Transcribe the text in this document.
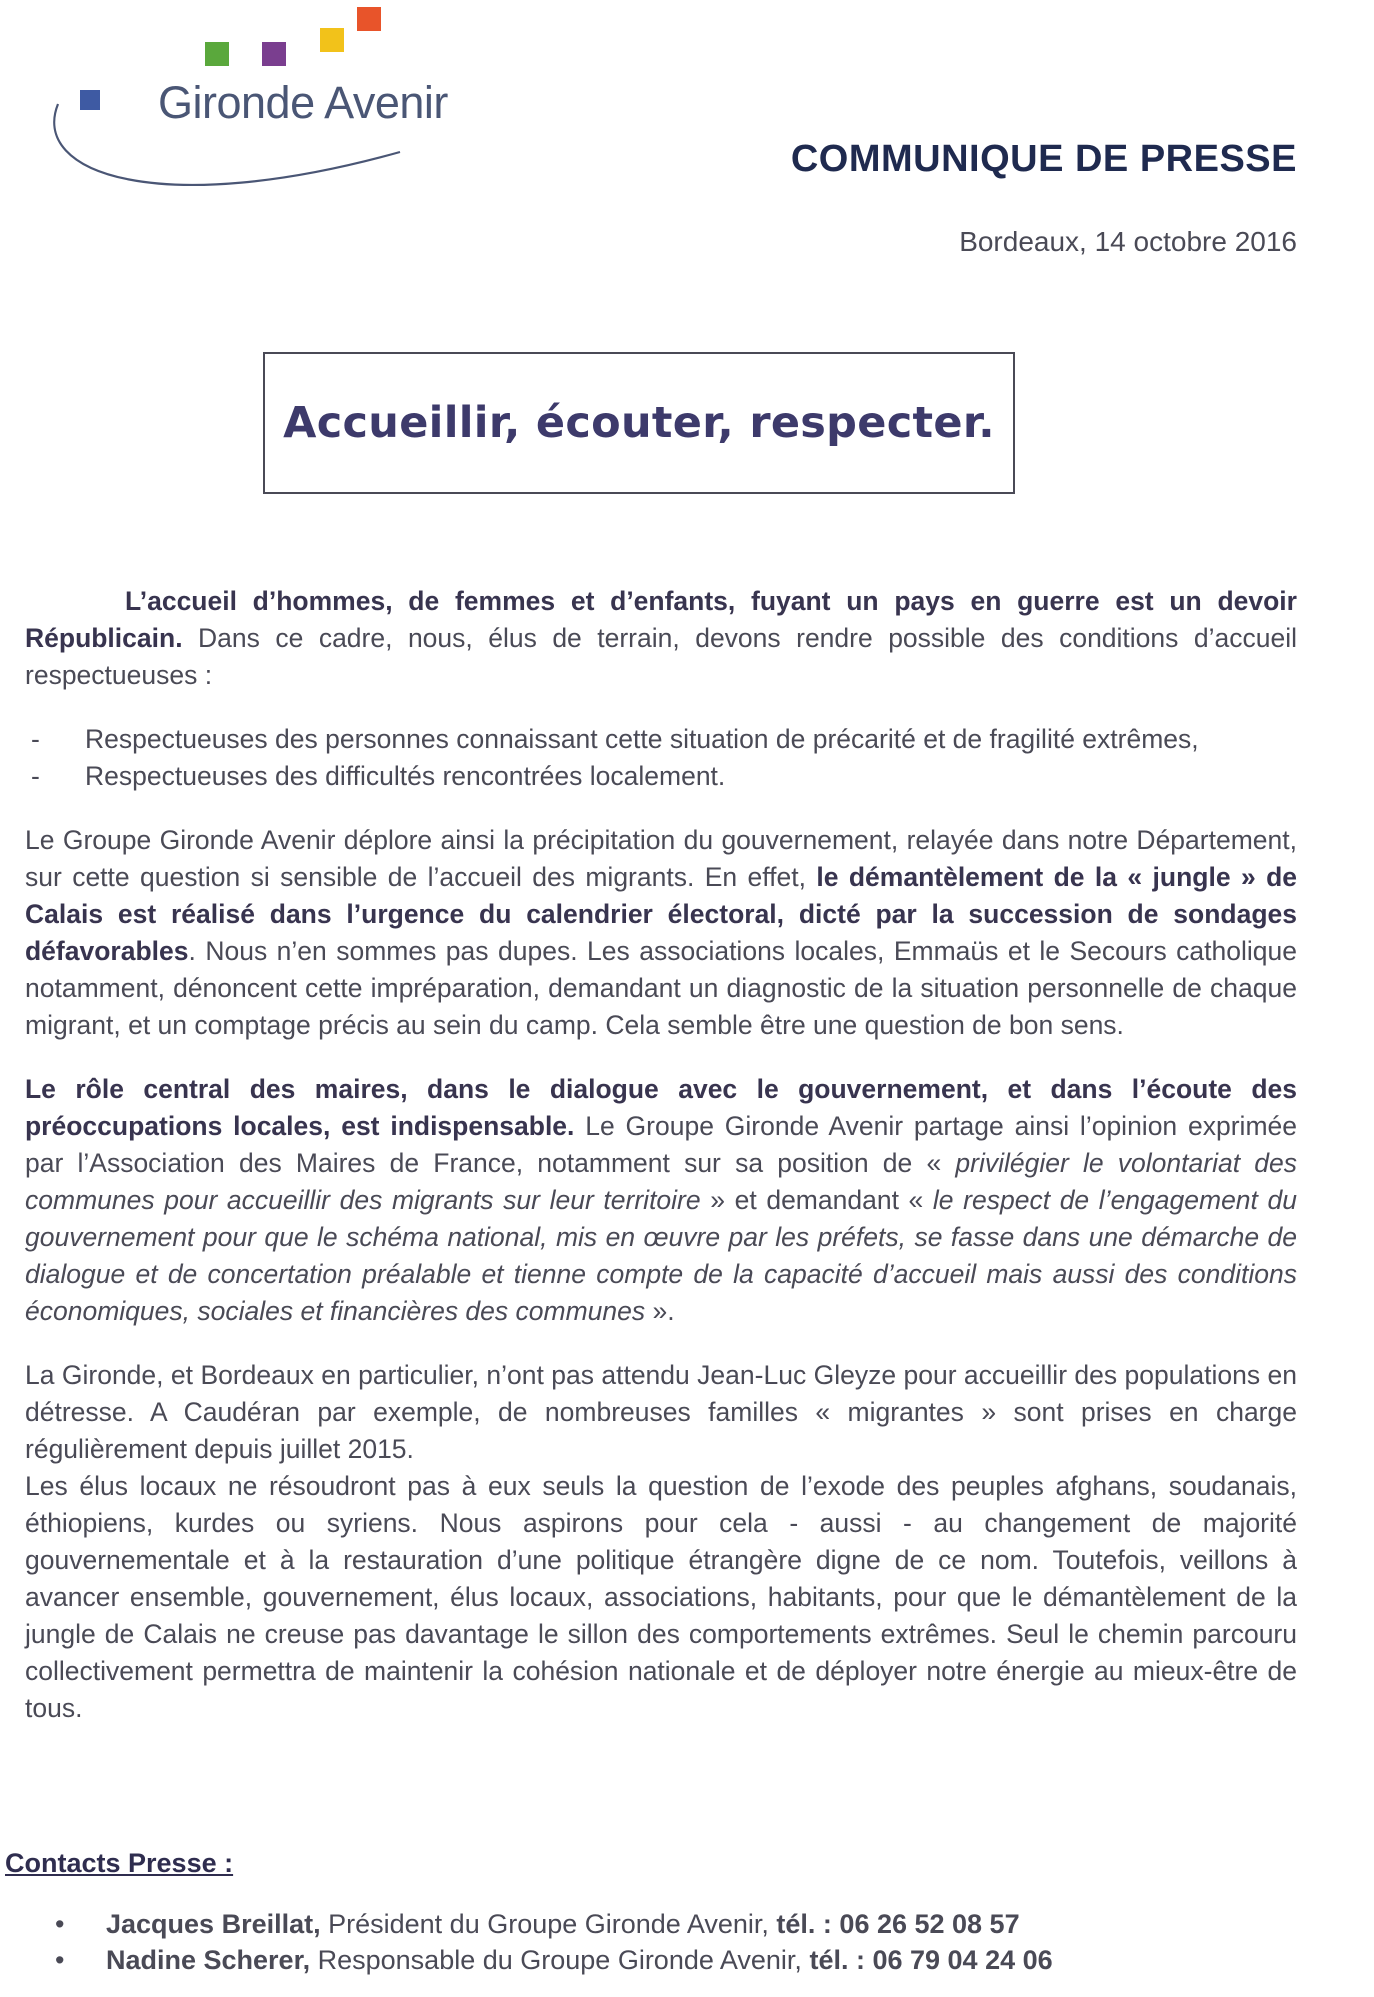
Gironde Avenir
COMMUNIQUE DE PRESSE
Bordeaux, 14 octobre 2016
Accueillir, écouter, respecter.

L’accueil d’hommes, de femmes et d’enfants, fuyant un pays en guerre est un devoir Républicain. Dans ce cadre, nous, élus de terrain, devons rendre possible des conditions d’accueil respectueuses :

- Respectueuses des personnes connaissant cette situation de précarité et de fragilité extrêmes,
- Respectueuses des difficultés rencontrées localement.

Le Groupe Gironde Avenir déplore ainsi la précipitation du gouvernement, relayée dans notre Département, sur cette question si sensible de l’accueil des migrants. En effet, le démantèlement de la « jungle » de Calais est réalisé dans l’urgence du calendrier électoral, dicté par la succession de sondages défavorables. Nous n’en sommes pas dupes. Les associations locales, Emmaüs et le Secours catholique notamment, dénoncent cette impréparation, demandant un diagnostic de la situation personnelle de chaque migrant, et un comptage précis au sein du camp. Cela semble être une question de bon sens.

Le rôle central des maires, dans le dialogue avec le gouvernement, et dans l’écoute des préoccupations locales, est indispensable. Le Groupe Gironde Avenir partage ainsi l’opinion exprimée par l’Association des Maires de France, notamment sur sa position de « privilégier le volontariat des communes pour accueillir des migrants sur leur territoire » et demandant « le respect de l’engagement du gouvernement pour que le schéma national, mis en œuvre par les préfets, se fasse dans une démarche de dialogue et de concertation préalable et tienne compte de la capacité d’accueil mais aussi des conditions économiques, sociales et financières des communes ».

La Gironde, et Bordeaux en particulier, n’ont pas attendu Jean-Luc Gleyze pour accueillir des populations en détresse. A Caudéran par exemple, de nombreuses familles « migrantes » sont prises en charge régulièrement depuis juillet 2015.

Les élus locaux ne résoudront pas à eux seuls la question de l’exode des peuples afghans, soudanais, éthiopiens, kurdes ou syriens. Nous aspirons pour cela - aussi - au changement de majorité gouvernementale et à la restauration d’une politique étrangère digne de ce nom. Toutefois, veillons à avancer ensemble, gouvernement, élus locaux, associations, habitants, pour que le démantèlement de la jungle de Calais ne creuse pas davantage le sillon des comportements extrêmes. Seul le chemin parcouru collectivement permettra de maintenir la cohésion nationale et de déployer notre énergie au mieux-être de tous.

Contacts Presse :
• Jacques Breillat, Président du Groupe Gironde Avenir, tél. : 06 26 52 08 57
• Nadine Scherer, Responsable du Groupe Gironde Avenir, tél. : 06 79 04 24 06
